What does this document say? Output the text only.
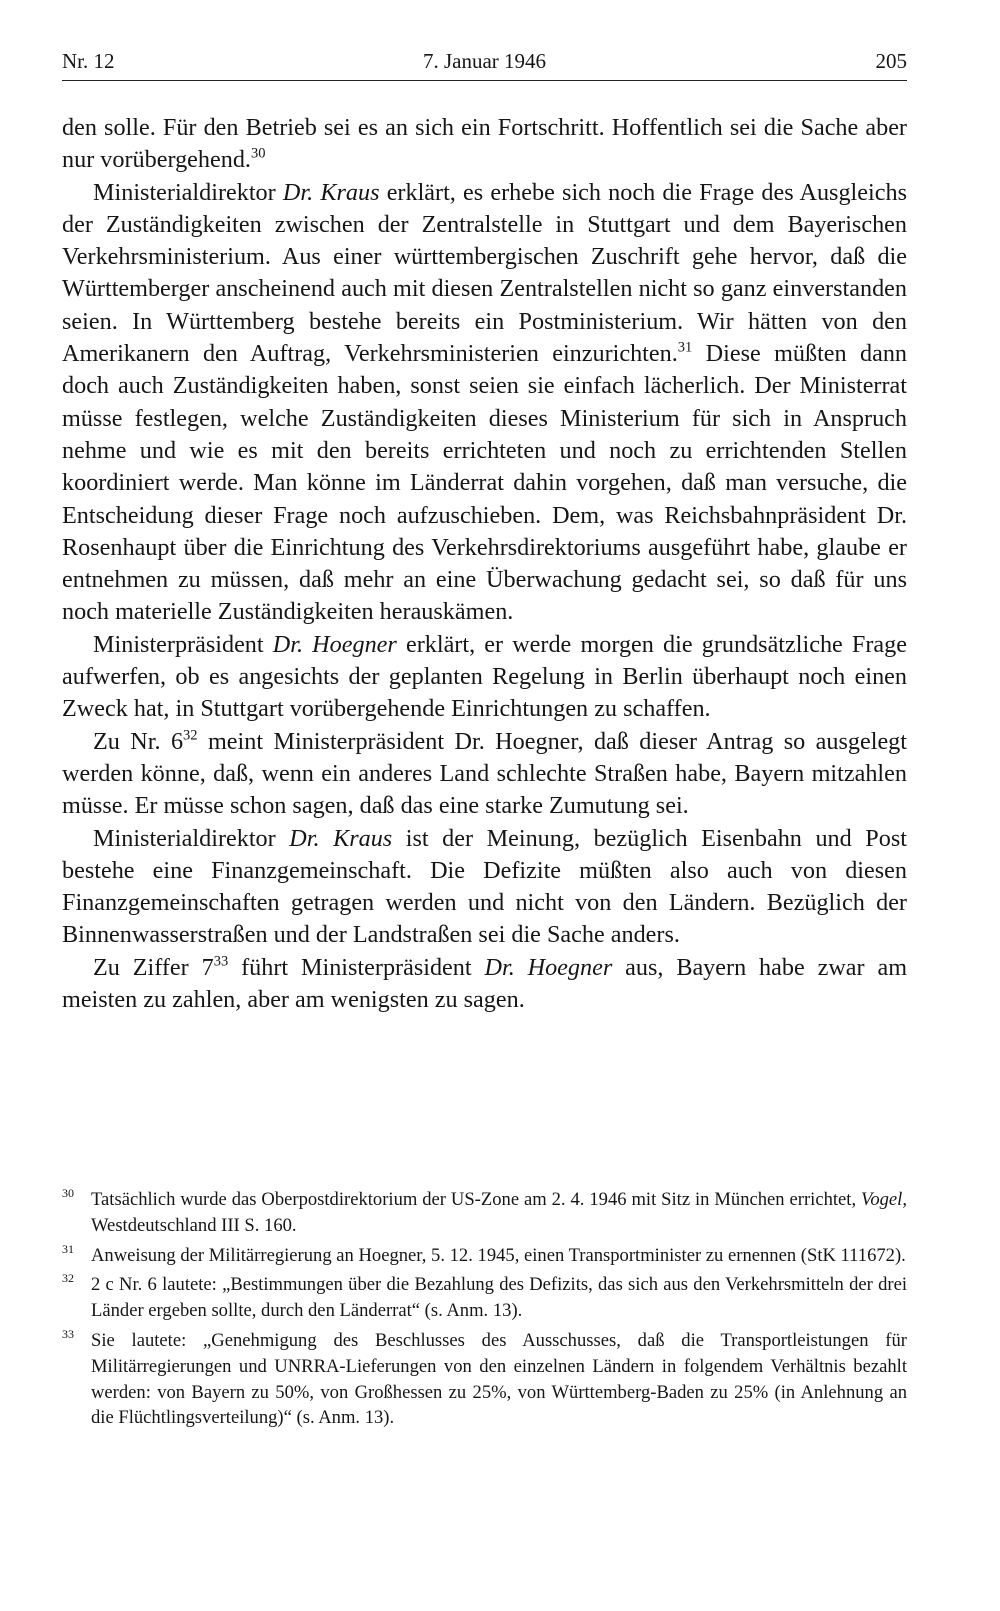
Nr. 12	7. Januar 1946	205

den solle. Für den Betrieb sei es an sich ein Fortschritt. Hoffentlich sei die Sache aber nur vorübergehend.$^{30}$

Ministerialdirektor Dr. Kraus erklärt, es erhebe sich noch die Frage des Ausgleichs der Zuständigkeiten zwischen der Zentralstelle in Stuttgart und dem Bayerischen Verkehrsministerium. Aus einer württembergischen Zuschrift gehe hervor, daß die Württemberger anscheinend auch mit diesen Zentralstellen nicht so ganz einverstanden seien. In Württemberg bestehe bereits ein Postministerium. Wir hätten von den Amerikanern den Auftrag, Verkehrsministerien einzurichten.$^{31}$ Diese müßten dann doch auch Zuständigkeiten haben, sonst seien sie einfach lächerlich. Der Ministerrat müsse festlegen, welche Zuständigkeiten dieses Ministerium für sich in Anspruch nehme und wie es mit den bereits errichteten und noch zu errichtenden Stellen koordiniert werde. Man könne im Länderrat dahin vorgehen, daß man versuche, die Entscheidung dieser Frage noch aufzuschieben. Dem, was Reichsbahnpräsident Dr. Rosenhaupt über die Einrichtung des Verkehrsdirektoriums ausgeführt habe, glaube er entnehmen zu müssen, daß mehr an eine Überwachung gedacht sei, so daß für uns noch materielle Zuständigkeiten herauskämen.

Ministerpräsident Dr. Hoegner erklärt, er werde morgen die grundsätzliche Frage aufwerfen, ob es angesichts der geplanten Regelung in Berlin überhaupt noch einen Zweck hat, in Stuttgart vorübergehende Einrichtungen zu schaffen.

Zu Nr. $6^{32}$ meint Ministerpräsident Dr. Hoegner, daß dieser Antrag so ausgelegt werden könne, daß, wenn ein anderes Land schlechte Straßen habe, Bayern mitzahlen müsse. Er müsse schon sagen, daß das eine starke Zumutung sei.

Ministerialdirektor Dr. Kraus ist der Meinung, bezüglich Eisenbahn und Post bestehe eine Finanzgemeinschaft. Die Defizite müßten also auch von diesen Finanzgemeinschaften getragen werden und nicht von den Ländern. Bezüglich der Binnenwasserstraßen und der Landstraßen sei die Sache anders.

Zu Ziffer $7^{33}$ führt Ministerpräsident Dr. Hoegner aus, Bayern habe zwar am meisten zu zahlen, aber am wenigsten zu sagen.

30 Tatsächlich wurde das Oberpostdirektorium der US-Zone am 2. 4. 1946 mit Sitz in München errichtet, Vogel, Westdeutschland III S. 160.
31 Anweisung der Militärregierung an Hoegner, 5. 12. 1945, einen Transportminister zu ernennen (StK 111672).
32 2 c Nr. 6 lautete: „Bestimmungen über die Bezahlung des Defizits, das sich aus den Verkehrsmitteln der drei Länder ergeben sollte, durch den Länderrat“ (s. Anm. 13).
33 Sie lautete: „Genehmigung des Beschlusses des Ausschusses, daß die Transportleistungen für Militärregierungen und UNRRA-Lieferungen von den einzelnen Ländern in folgendem Verhältnis bezahlt werden: von Bayern zu 50%, von Großhessen zu 25%, von Württemberg-Baden zu 25% (in Anlehnung an die Flüchtlingsverteilung)“ (s. Anm. 13).
